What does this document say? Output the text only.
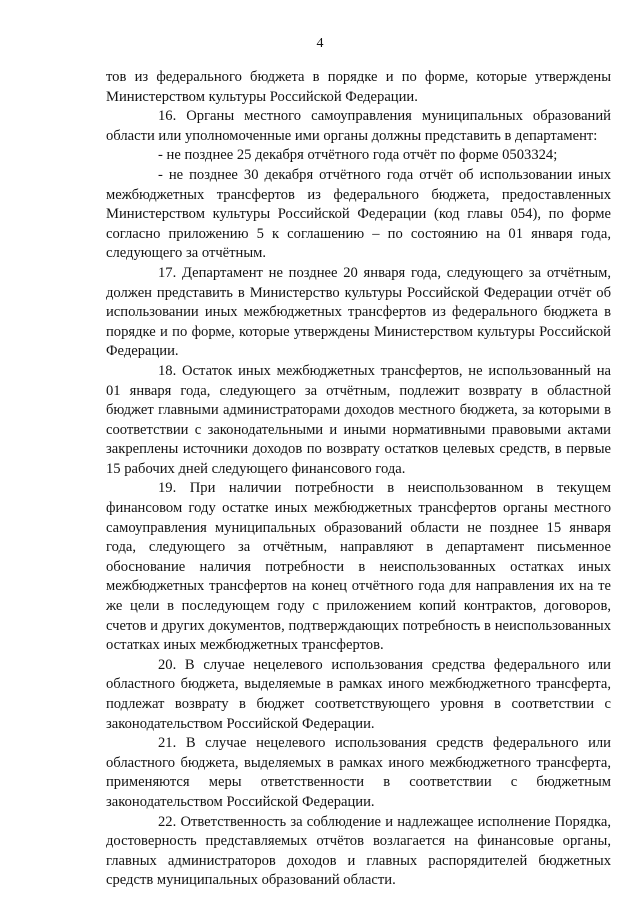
4

тов из федерального бюджета в порядке и по форме, которые утверждены Министерством культуры Российской Федерации.

16. Органы местного самоуправления муниципальных образований области или уполномоченные ими органы должны представить в департамент:

- не позднее 25 декабря отчётного года отчёт по форме 0503324;

- не позднее 30 декабря отчётного года отчёт об использовании иных межбюджетных трансфертов из федерального бюджета, предоставленных Министерством культуры Российской Федерации (код главы 054), по форме согласно приложению 5 к соглашению – по состоянию на 01 января года, следующего за отчётным.

17. Департамент не позднее 20 января года, следующего за отчётным, должен представить в Министерство культуры Российской Федерации отчёт об использовании иных межбюджетных трансфертов из федерального бюджета в порядке и по форме, которые утверждены Министерством культуры Российской Федерации.

18. Остаток иных межбюджетных трансфертов, не использованный на 01 января года, следующего за отчётным, подлежит возврату в областной бюджет главными администраторами доходов местного бюджета, за которыми в соответствии с законодательными и иными нормативными правовыми актами закреплены источники доходов по возврату остатков целевых средств, в первые 15 рабочих дней следующего финансового года.

19. При наличии потребности в неиспользованном в текущем финансовом году остатке иных межбюджетных трансфертов органы местного самоуправления муниципальных образований области не позднее 15 января года, следующего за отчётным, направляют в департамент письменное обоснование наличия потребности в неиспользованных остатках иных межбюджетных трансфертов на конец отчётного года для направления их на те же цели в последующем году с приложением копий контрактов, договоров, счетов и других документов, подтверждающих потребность в неиспользованных остатках иных межбюджетных трансфертов.

20. В случае нецелевого использования средства федерального или областного бюджета, выделяемые в рамках иного межбюджетного трансферта, подлежат возврату в бюджет соответствующего уровня в соответствии с законодательством Российской Федерации.

21. В случае нецелевого использования средств федерального или областного бюджета, выделяемых в рамках иного межбюджетного трансферта, применяются меры ответственности в соответствии с бюджетным законодательством Российской Федерации.

22. Ответственность за соблюдение и надлежащее исполнение Порядка, достоверность представляемых отчётов возлагается на финансовые органы, главных администраторов доходов и главных распорядителей бюджетных средств муниципальных образований области.
